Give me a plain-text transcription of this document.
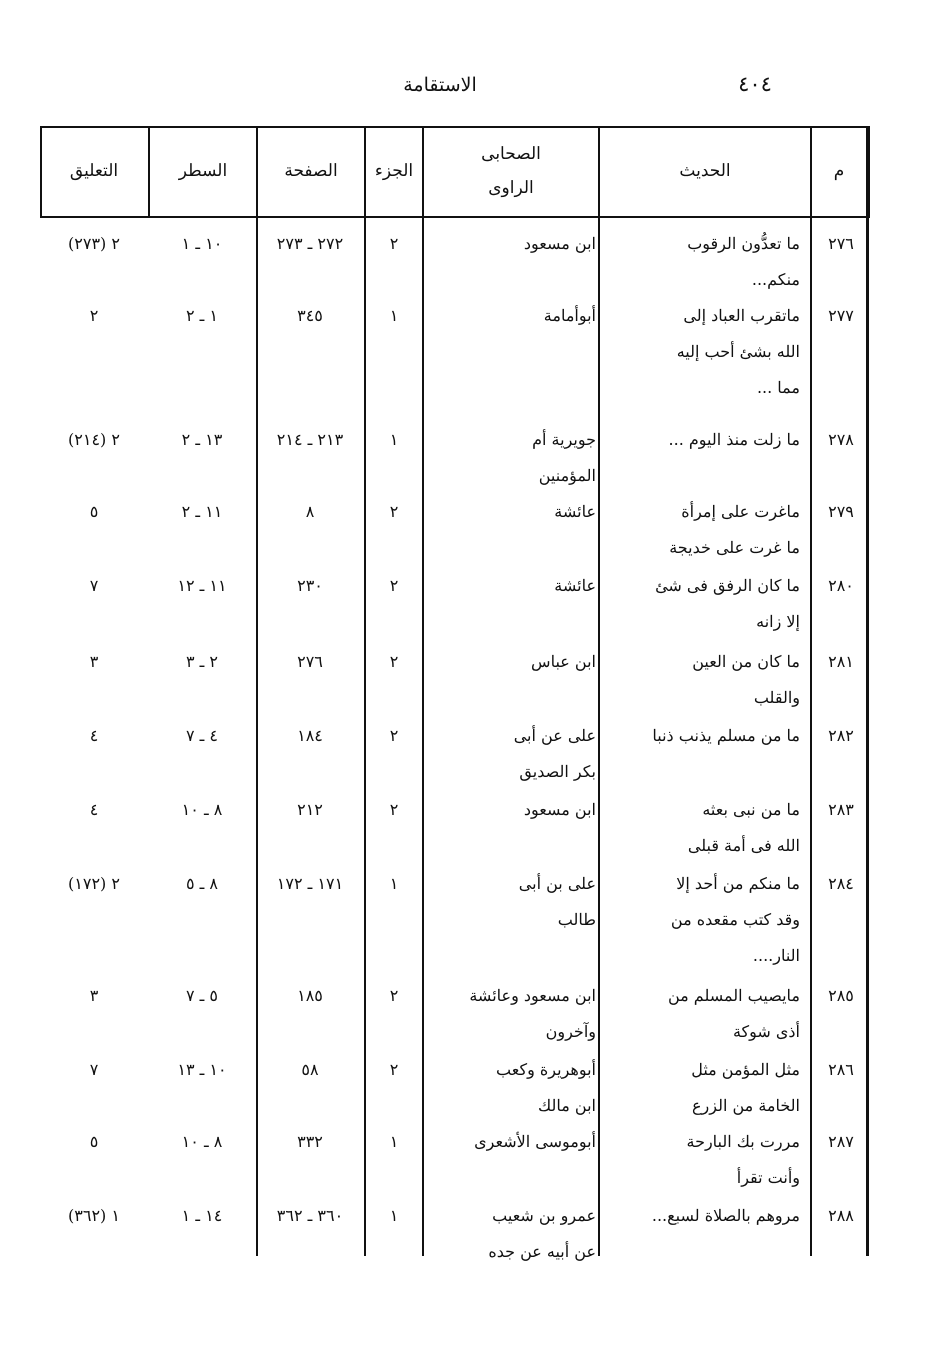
الاستقامة	٤٠٤
م
الحديث
الصحابى
الراوى
الجزء
الصفحة
السطر
التعليق
٢٧٦
ما تعدُّون الرقوب
منكم...
ابن مسعود
٢
٢٧٢ ـ ٢٧٣
١٠ ـ ١
٢ (٢٧٣)
٢٧٧
ماتقرب العباد إلى
الله بشئ أحب إليه
مما ...
أبوأمامة
١
٣٤٥
١ ـ ٢
٢
٢٧٨
ما زلت منذ اليوم ...
جويرية أم
المؤمنين
١
٢١٣ ـ ٢١٤
١٣ ـ ٢
٢ (٢١٤)
٢٧٩
ماغرت على إمرأة
ما غرت على خديجة
عائشة
٢
٨
١١ ـ ٢
٥
٢٨٠
ما كان الرفق فى شئ
إلا زانه
عائشة
٢
٢٣٠
١١ ـ ١٢
٧
٢٨١
ما كان من العين
والقلب
ابن عباس
٢
٢٧٦
٢ ـ ٣
٣
٢٨٢
ما من مسلم يذنب ذنبا
على عن أبى
بكر الصديق
٢
١٨٤
٤ ـ ٧
٤
٢٨٣
ما من نبى بعثه
الله فى أمة قبلى
ابن مسعود
٢
٢١٢
٨ ـ ١٠
٤
٢٨٤
ما منكم من أحد إلا
وقد كتب مقعده من
النار....
على بن أبى
طالب
١
١٧١ ـ ١٧٢
٨ ـ ٥
٢ (١٧٢)
٢٨٥
مايصيب المسلم من
أذى شوكة
ابن مسعود وعائشة
وآخرون
٢
١٨٥
٥ ـ ٧
٣
٢٨٦
مثل المؤمن مثل
الخامة من الزرع
أبوهريرة وكعب
ابن مالك
٢
٥٨
١٠ ـ ١٣
٧
٢٨٧
مررت بك البارحة
وأنت تقرأ
أبوموسى الأشعرى
١
٣٣٢
٨ ـ ١٠
٥
٢٨٨
مروهم بالصلاة لسبع...
عمرو بن شعيب
عن أبيه عن جده
١
٣٦٠ ـ ٣٦٢
١٤ ـ ١
١ (٣٦٢)
